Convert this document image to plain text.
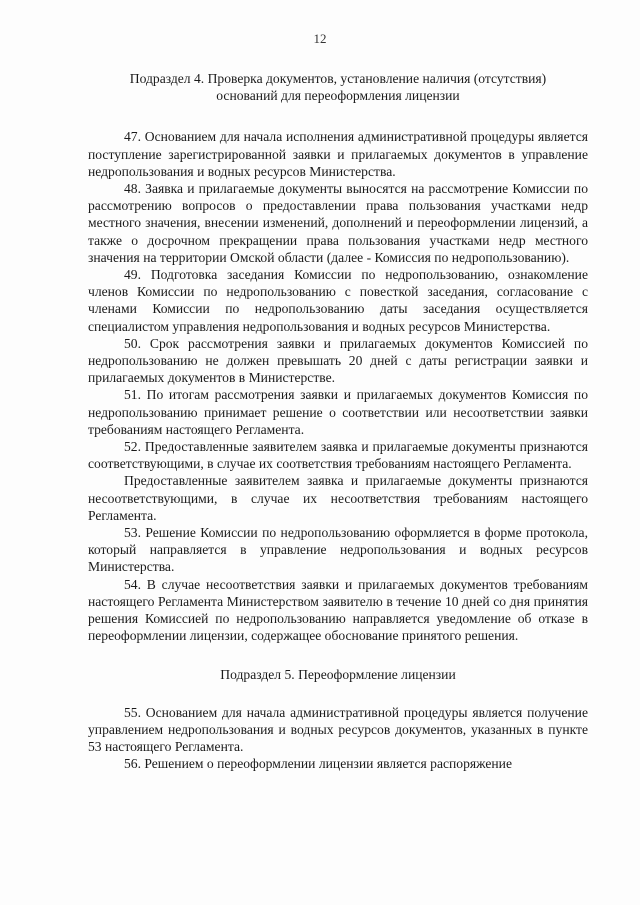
12
Подраздел 4. Проверка документов, установление наличия (отсутствия)
оснований для переоформления лицензии

47. Основанием для начала исполнения административной процедуры является поступление зарегистрированной заявки и прилагаемых документов в управление недропользования и водных ресурсов Министерства.

48. Заявка и прилагаемые документы выносятся на рассмотрение Комиссии по рассмотрению вопросов о предоставлении права пользования участками недр местного значения, внесении изменений, дополнений и переоформлении лицензий, а также о досрочном прекращении права пользования участками недр местного значения на территории Омской области (далее - Комиссия по недропользованию).

49. Подготовка заседания Комиссии по недропользованию, ознакомление членов Комиссии по недропользованию с повесткой заседания, согласование с членами Комиссии по недропользованию даты заседания осуществляется специалистом управления недропользования и водных ресурсов Министерства.

50. Срок рассмотрения заявки и прилагаемых документов Комиссией по недропользованию не должен превышать 20 дней с даты регистрации заявки и прилагаемых документов в Министерстве.

51. По итогам рассмотрения заявки и прилагаемых документов Комиссия по недропользованию принимает решение о соответствии или несоответствии заявки требованиям настоящего Регламента.

52. Предоставленные заявителем заявка и прилагаемые документы признаются соответствующими, в случае их соответствия требованиям настоящего Регламента.

Предоставленные заявителем заявка и прилагаемые документы признаются несоответствующими, в случае их несоответствия требованиям настоящего Регламента.

53. Решение Комиссии по недропользованию оформляется в форме протокола, который направляется в управление недропользования и водных ресурсов Министерства.

54. В случае несоответствия заявки и прилагаемых документов требованиям настоящего Регламента Министерством заявителю в течение 10 дней со дня принятия решения Комиссией по недропользованию направляется уведомление об отказе в переоформлении лицензии, содержащее обоснование принятого решения.

Подраздел 5. Переоформление лицензии

55. Основанием для начала административной процедуры является получение управлением недропользования и водных ресурсов документов, указанных в пункте 53 настоящего Регламента.

56. Решением о переоформлении лицензии является распоряжение
